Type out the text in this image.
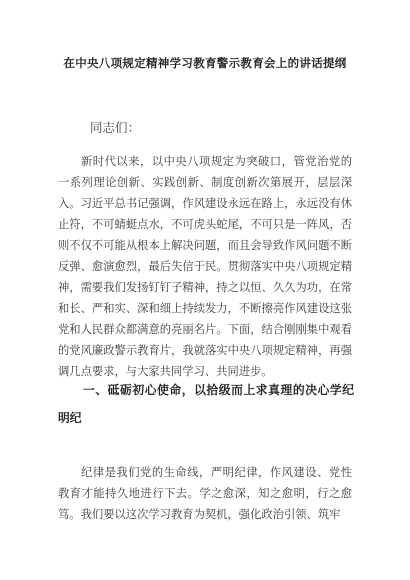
在中央八项规定精神学习教育警示教育会上的讲话提纲
同志们：
新时代以来，以中央八项规定为突破口，管党治党的一系列理论创新、实践创新、制度创新次第展开，层层深入。习近平总书记强调，作风建设永远在路上，永远没有休止符，不可蜻蜓点水，不可虎头蛇尾，不可只是一阵风，否则不仅不可能从根本上解决问题，而且会导致作风问题不断反弹、愈演愈烈，最后失信于民。贯彻落实中央八项规定精神，需要我们发扬钉钉子精神，持之以恒、久久为功，在常和长、严和实、深和细上持续发力，不断擦亮作风建设这张党和人民群众都满意的亮丽名片。下面，结合刚刚集中观看的党风廉政警示教育片，我就落实中央八项规定精神，再强调几点要求，与大家共同学习、共同进步。
一、砥砺初心使命，以拾级而上求真理的决心学纪明纪
纪律是我们党的生命线，严明纪律，作风建设、党性教育才能持久地进行下去。学之愈深，知之愈明，行之愈笃。我们要以这次学习教育为契机，强化政治引领、筑牢
